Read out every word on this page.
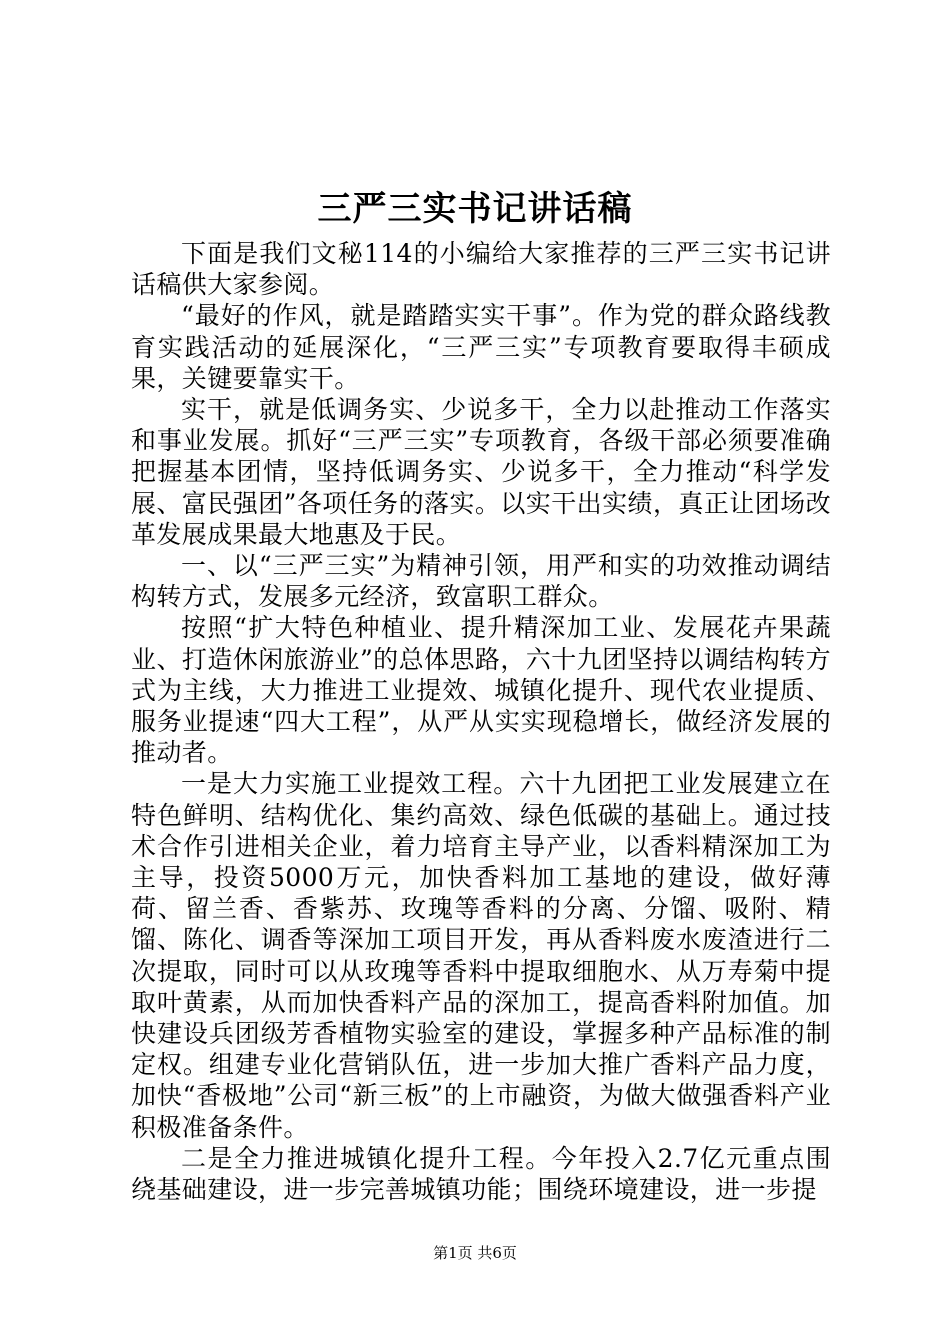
三严三实书记讲话稿

下面是我们文秘114的小编给大家推荐的三严三实书记讲话稿供大家参阅。

“最好的作风，就是踏踏实实干事”。作为党的群众路线教育实践活动的延展深化，“三严三实”专项教育要取得丰硕成果，关键要靠实干。

实干，就是低调务实、少说多干，全力以赴推动工作落实和事业发展。抓好“三严三实”专项教育，各级干部必须要准确把握基本团情，坚持低调务实、少说多干，全力推动“科学发展、富民强团”各项任务的落实。以实干出实绩，真正让团场改革发展成果最大地惠及于民。

一、以“三严三实”为精神引领，用严和实的功效推动调结构转方式，发展多元经济，致富职工群众。

按照“扩大特色种植业、提升精深加工业、发展花卉果蔬业、打造休闲旅游业”的总体思路，六十九团坚持以调结构转方式为主线，大力推进工业提效、城镇化提升、现代农业提质、服务业提速“四大工程”，从严从实实现稳增长，做经济发展的推动者。

一是大力实施工业提效工程。六十九团把工业发展建立在特色鲜明、结构优化、集约高效、绿色低碳的基础上。通过技术合作引进相关企业，着力培育主导产业，以香料精深加工为主导，投资5000万元，加快香料加工基地的建设，做好薄荷、留兰香、香紫苏、玫瑰等香料的分离、分馏、吸附、精馏、陈化、调香等深加工项目开发，再从香料废水废渣进行二次提取，同时可以从玫瑰等香料中提取细胞水、从万寿菊中提取叶黄素，从而加快香料产品的深加工，提高香料附加值。加快建设兵团级芳香植物实验室的建设，掌握多种产品标准的制定权。组建专业化营销队伍，进一步加大推广香料产品力度，加快“香极地”公司“新三板”的上市融资，为做大做强香料产业积极准备条件。

二是全力推进城镇化提升工程。今年投入2.7亿元重点围绕基础建设，进一步完善城镇功能；围绕环境建设，进一步提

第1页 共6页
